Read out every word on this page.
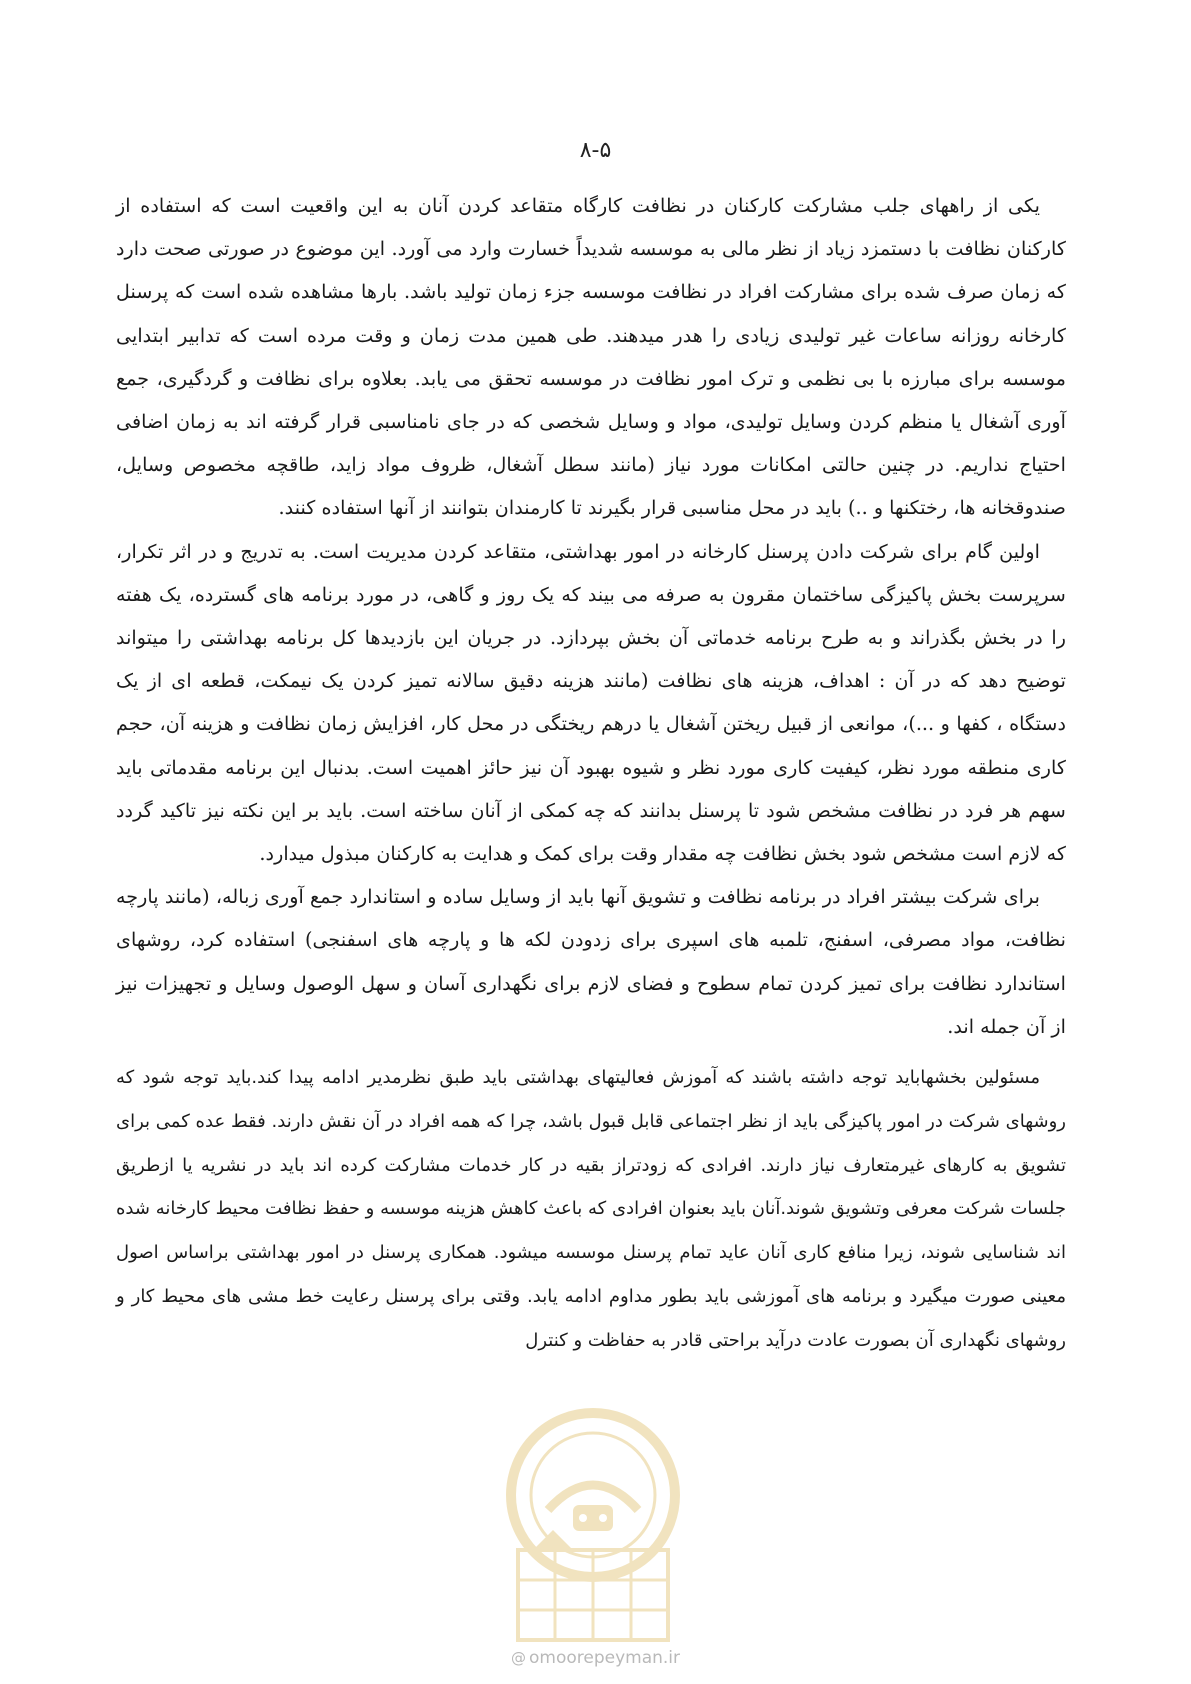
۸-۵

یکی از راههای جلب مشارکت کارکنان در نظافت کارگاه متقاعد کردن آنان به این واقعیت است که استفاده از کارکنان نظافت با دستمزد زیاد از نظر مالی به موسسه شدیداً خسارت وارد می آورد. این موضوع در صورتی صحت دارد که زمان صرف شده برای مشارکت افراد در نظافت موسسه جزء زمان تولید باشد. بارها مشاهده شده است که پرسنل کارخانه روزانه ساعات غیر تولیدی زیادی را هدر میدهند. طی همین مدت زمان و وقت مرده است که تدابیر ابتدایی موسسه برای مبارزه با بی نظمی و ترک امور نظافت در موسسه تحقق می یابد. بعلاوه برای نظافت و گردگیری، جمع آوری آشغال یا منظم کردن وسایل تولیدی، مواد و وسایل شخصی که در جای نامناسبی قرار گرفته اند به زمان اضافی احتیاج نداریم. در چنین حالتی امکانات مورد نیاز (مانند سطل آشغال، ظروف مواد زاید، طاقچه مخصوص وسایل، صندوقخانه ها، رختکنها و ..) باید در محل مناسبی قرار بگیرند تا کارمندان بتوانند از آنها استفاده کنند.

اولین گام برای شرکت دادن پرسنل کارخانه در امور بهداشتی، متقاعد کردن مدیریت است. به تدریج و در اثر تکرار، سرپرست بخش پاکیزگی ساختمان مقرون به صرفه می بیند که یک روز و گاهی، در مورد برنامه های گسترده، یک هفته را در بخش بگذراند و به طرح برنامه خدماتی آن بخش بپردازد. در جریان این بازدیدها کل برنامه بهداشتی را میتواند توضیح دهد که در آن : اهداف، هزینه های نظافت (مانند هزینه دقیق سالانه تمیز کردن یک نیمکت، قطعه ای از یک دستگاه ، کفها و ...)، موانعی از قبیل ریختن آشغال یا درهم ریختگی در محل کار، افزایش زمان نظافت و هزینه آن، حجم کاری منطقه مورد نظر، کیفیت کاری مورد نظر و شیوه بهبود آن نیز حائز اهمیت است. بدنبال این برنامه مقدماتی باید سهم هر فرد در نظافت مشخص شود تا پرسنل بدانند که چه کمکی از آنان ساخته است. باید بر این نکته نیز تاکید گردد که لازم است مشخص شود بخش نظافت چه مقدار وقت برای کمک و هدایت به کارکنان مبذول میدارد.

برای شرکت بیشتر افراد در برنامه نظافت و تشویق آنها باید از وسایل ساده و استاندارد جمع آوری زباله، (مانند پارچه نظافت، مواد مصرفی، اسفنج، تلمبه های اسپری برای زدودن لکه ها و پارچه های اسفنجی) استفاده کرد، روشهای استاندارد نظافت برای تمیز کردن تمام سطوح و فضای لازم برای نگهداری آسان و سهل الوصول وسایل و تجهیزات نیز از آن جمله اند.

مسئولین بخشهاباید توجه داشته باشند که آموزش فعالیتهای بهداشتی باید طبق نظرمدیر ادامه پیدا کند.باید توجه شود که روشهای شرکت در امور پاکیزگی باید از نظر اجتماعی قابل قبول باشد، چرا که همه افراد در آن نقش دارند. فقط عده کمی برای تشویق به کارهای غیرمتعارف نیاز دارند. افرادی که زودتراز بقیه در کار خدمات مشارکت کرده اند باید در نشریه یا ازطریق جلسات شرکت معرفی وتشویق شوند.آنان باید بعنوان افرادی که باعث کاهش هزینه موسسه و حفظ نظافت محیط کارخانه شده اند شناسایی شوند، زیرا منافع کاری آنان عاید تمام پرسنل موسسه میشود. همکاری پرسنل در امور بهداشتی براساس اصول معینی صورت میگیرد و برنامه های آموزشی باید بطور مداوم ادامه یابد. وقتی برای پرسنل رعایت خط مشی های محیط کار و روشهای نگهداری آن بصورت عادت درآید براحتی قادر به حفاظت و کنترل

@ omoorepeyman.ir
